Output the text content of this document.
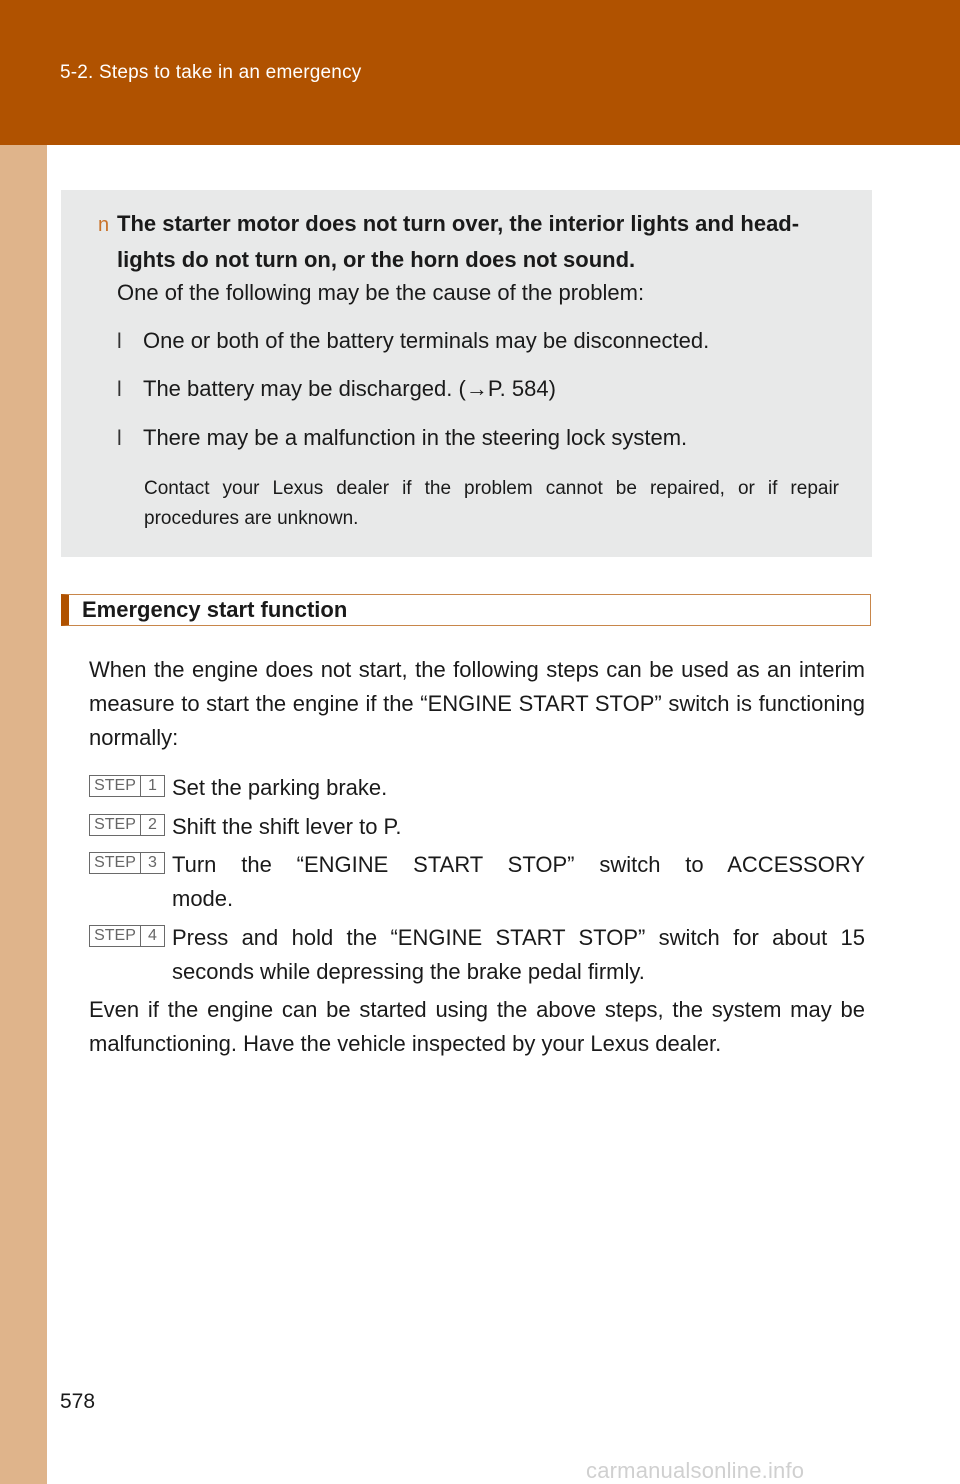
5-2. Steps to take in an emergency
n The starter motor does not turn over, the interior lights and head-
lights do not turn on, or the horn does not sound.
One of the following may be the cause of the problem:
l One or both of the battery terminals may be disconnected.
l The battery may be discharged. (→P. 584)
l There may be a malfunction in the steering lock system.
Contact your Lexus dealer if the problem cannot be repaired, or if repair procedures are unknown.
Emergency start function
When the engine does not start, the following steps can be used as an interim measure to start the engine if the “ENGINE START STOP” switch is functioning normally:
STEP 1 Set the parking brake.
STEP 2 Shift the shift lever to P.
STEP 3 Turn the “ENGINE START STOP” switch to ACCESSORY
mode.
STEP 4 Press and hold the “ENGINE START STOP” switch for about 15
seconds while depressing the brake pedal firmly.
Even if the engine can be started using the above steps, the system may be malfunctioning. Have the vehicle inspected by your Lexus dealer.
578
carmanualsonline.info
